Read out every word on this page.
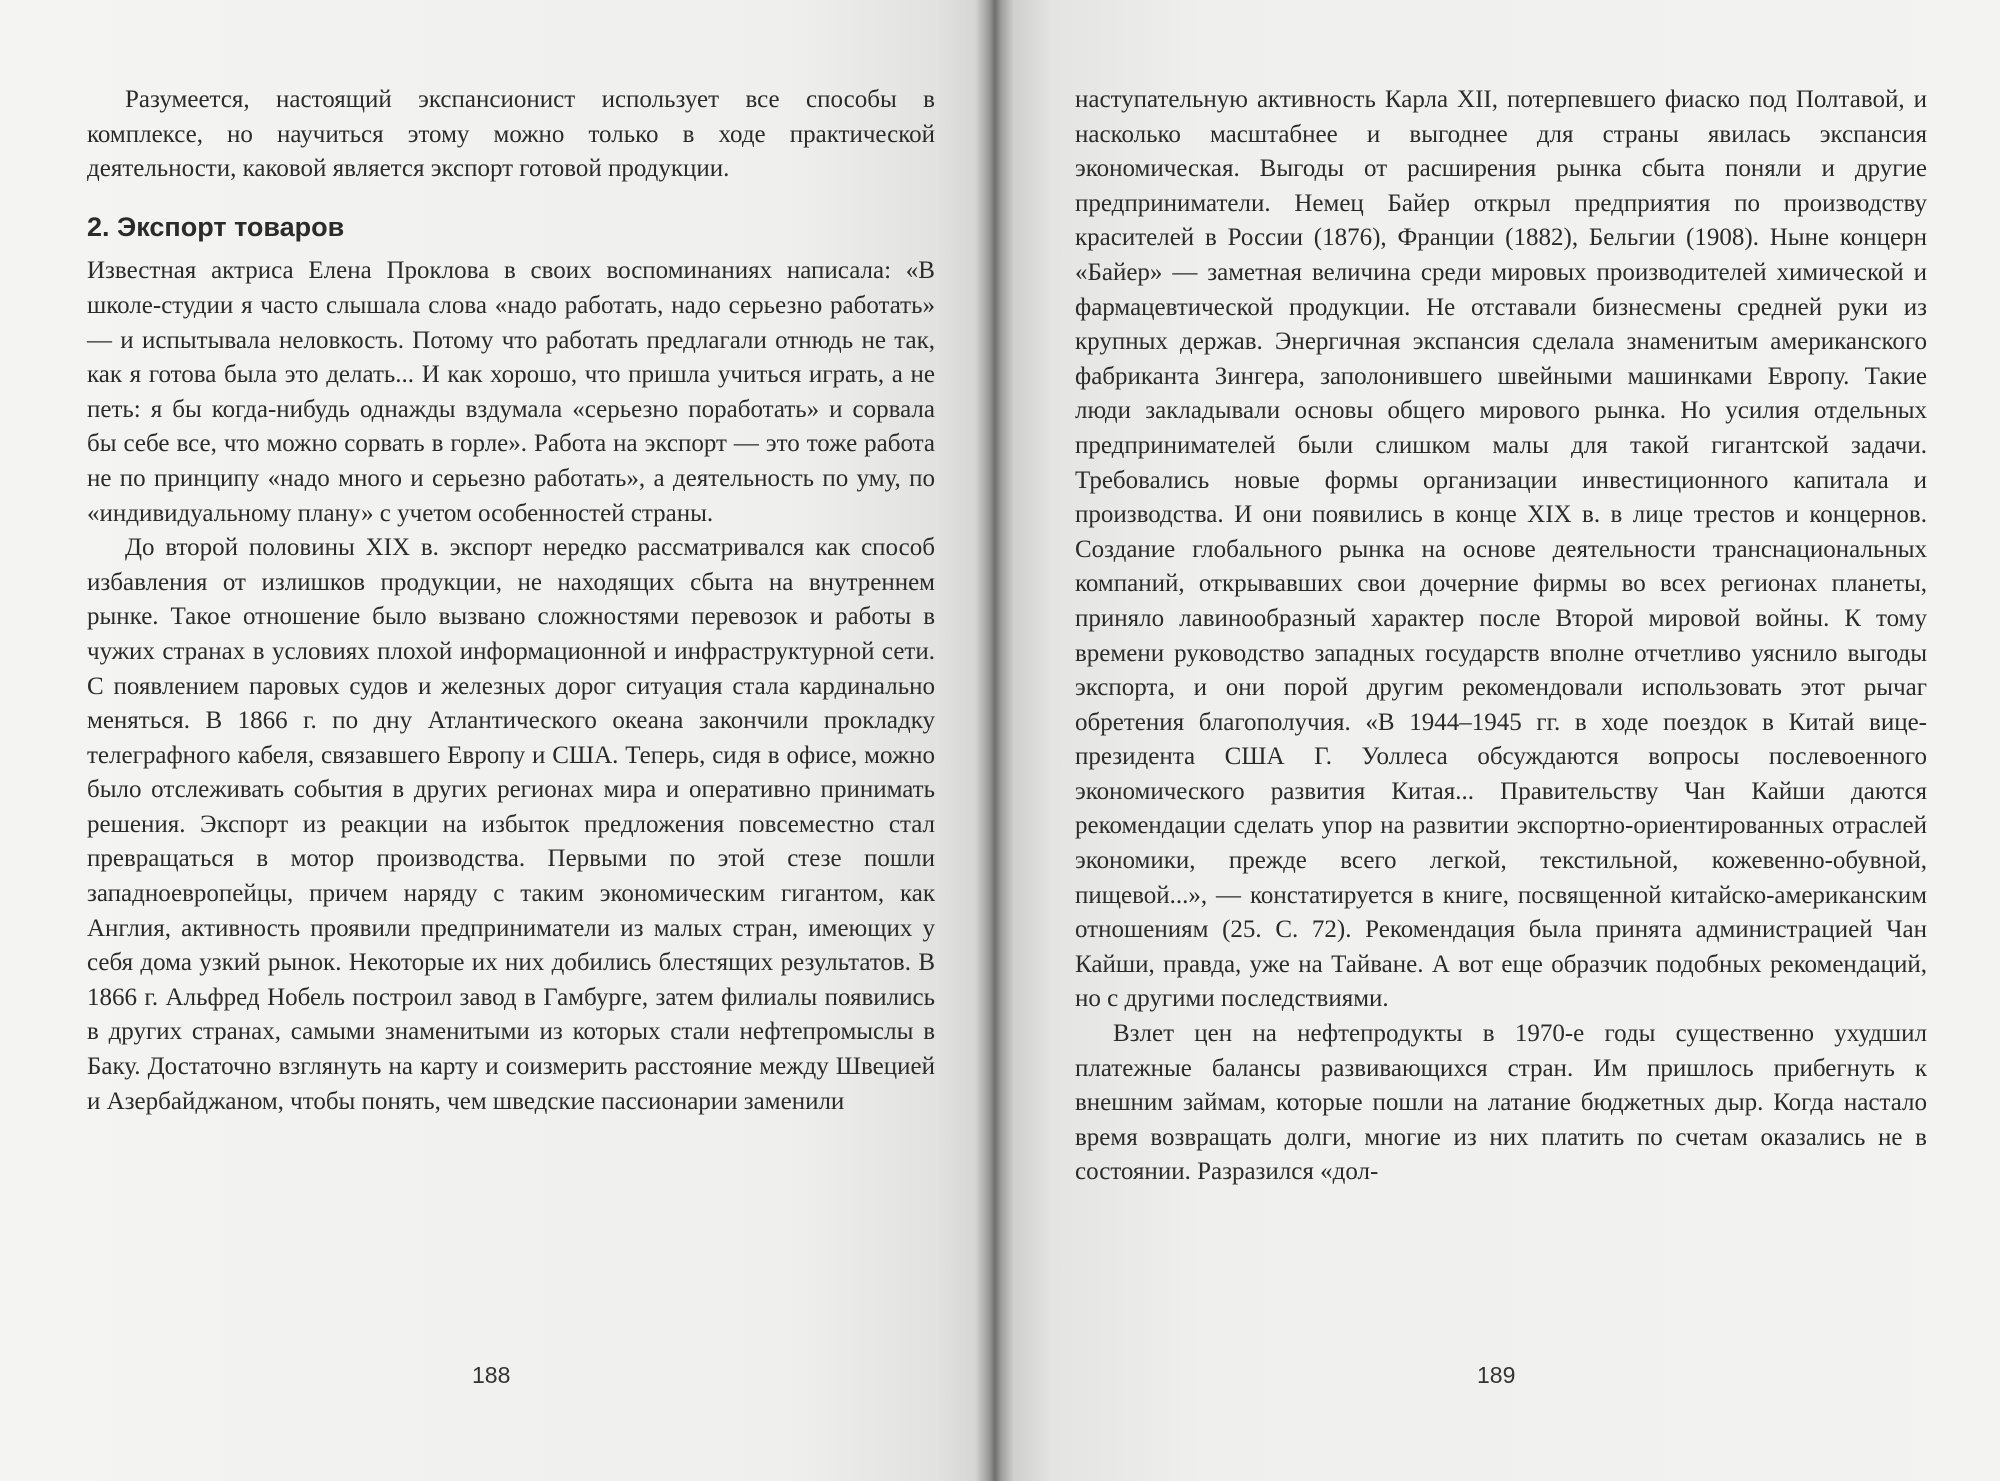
Разумеется, настоящий экспансионист использует все способы в комплексе, но научиться этому можно только в ходе практической деятельности, каковой является экспорт готовой продукции.

2. Экспорт товаров

Известная актриса Елена Проклова в своих воспоминаниях написала: «В школе-студии я часто слышала слова «надо работать, надо серьезно работать» — и испытывала неловкость. Потому что работать предлагали отнюдь не так, как я готова была это делать... И как хорошо, что пришла учиться играть, а не петь: я бы когда-нибудь однажды вздумала «серьезно поработать» и сорвала бы себе все, что можно сорвать в горле». Работа на экспорт — это тоже работа не по принципу «надо много и серьезно работать», а деятельность по уму, по «индивидуальному плану» с учетом особенностей страны.

До второй половины XIX в. экспорт нередко рассматривался как способ избавления от излишков продукции, не находящих сбыта на внутреннем рынке. Такое отношение было вызвано сложностями перевозок и работы в чужих странах в условиях плохой информационной и инфраструктурной сети. С появлением паровых судов и железных дорог ситуация стала кардинально меняться. В 1866 г. по дну Атлантического океана закончили прокладку телеграфного кабеля, связавшего Европу и США. Теперь, сидя в офисе, можно было отслеживать события в других регионах мира и оперативно принимать решения. Экспорт из реакции на избыток предложения повсеместно стал превращаться в мотор производства. Первыми по этой стезе пошли западноевропейцы, причем наряду с таким экономическим гигантом, как Англия, активность проявили предприниматели из малых стран, имеющих у себя дома узкий рынок. Некоторые их них добились блестящих результатов. В 1866 г. Альфред Нобель построил завод в Гамбурге, затем филиалы появились в других странах, самыми знаменитыми из которых стали нефтепромыслы в Баку. Достаточно взглянуть на карту и соизмерить расстояние между Швецией и Азербайджаном, чтобы понять, чем шведские пассионарии заменили

188

наступательную активность Карла XII, потерпевшего фиаско под Полтавой, и насколько масштабнее и выгоднее для страны явилась экспансия экономическая. Выгоды от расширения рынка сбыта поняли и другие предприниматели. Немец Байер открыл предприятия по производству красителей в России (1876), Франции (1882), Бельгии (1908). Ныне концерн «Байер» — заметная величина среди мировых производителей химической и фармацевтической продукции. Не отставали бизнесмены средней руки из крупных держав. Энергичная экспансия сделала знаменитым американского фабриканта Зингера, заполонившего швейными машинками Европу. Такие люди закладывали основы общего мирового рынка. Но усилия отдельных предпринимателей были слишком малы для такой гигантской задачи. Требовались новые формы организации инвестиционного капитала и производства. И они появились в конце XIX в. в лице трестов и концернов. Создание глобального рынка на основе деятельности транснациональных компаний, открывавших свои дочерние фирмы во всех регионах планеты, приняло лавинообразный характер после Второй мировой войны. К тому времени руководство западных государств вполне отчетливо уяснило выгоды экспорта, и они порой другим рекомендовали использовать этот рычаг обретения благополучия. «В 1944–1945 гг. в ходе поездок в Китай вице-президента США Г. Уоллеса обсуждаются вопросы послевоенного экономического развития Китая... Правительству Чан Кайши даются рекомендации сделать упор на развитии экспортно-ориентированных отраслей экономики, прежде всего легкой, текстильной, кожевенно-обувной, пищевой...», — констатируется в книге, посвященной китайско-американским отношениям (25. С. 72). Рекомендация была принята администрацией Чан Кайши, правда, уже на Тайване. А вот еще образчик подобных рекомендаций, но с другими последствиями.

Взлет цен на нефтепродукты в 1970-е годы существенно ухудшил платежные балансы развивающихся стран. Им пришлось прибегнуть к внешним займам, которые пошли на латание бюджетных дыр. Когда настало время возвращать долги, многие из них платить по счетам оказались не в состоянии. Разразился «дол-

189
